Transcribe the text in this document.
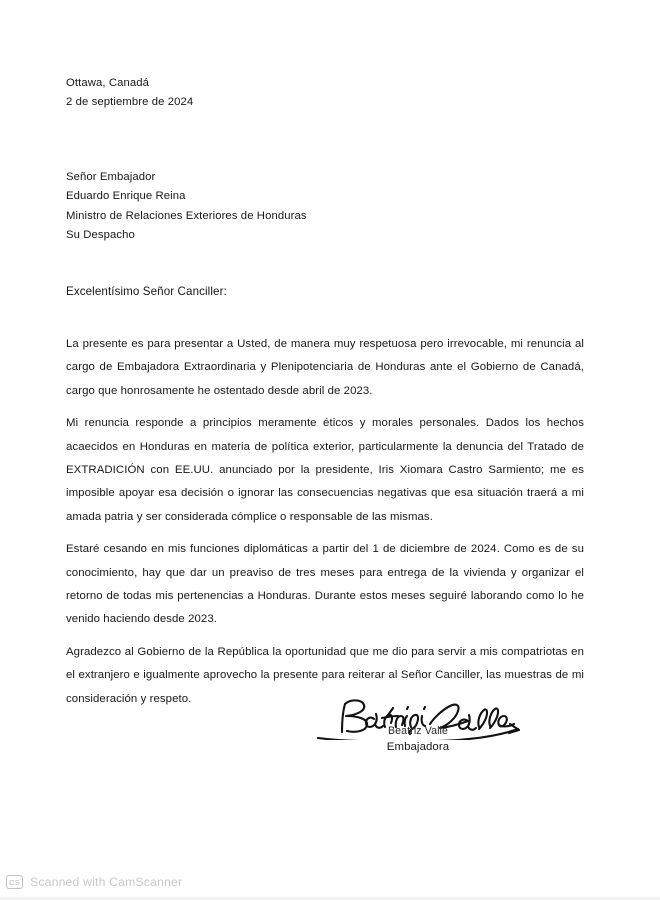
Ottawa, Canadá
2 de septiembre de 2024
Señor Embajador
Eduardo Enrique Reina
Ministro de Relaciones Exteriores de Honduras
Su Despacho
Excelentísimo Señor Canciller:

La presente es para presentar a Usted, de manera muy respetuosa pero irrevocable, mi renuncia al cargo de Embajadora Extraordinaria y Plenipotenciaria de Honduras ante el Gobierno de Canadá, cargo que honrosamente he ostentado desde abril de 2023.

Mi renuncia responde a principios meramente éticos y morales personales. Dados los hechos acaecidos en Honduras en materia de política exterior, particularmente la denuncia del Tratado de EXTRADICIÓN con EE.UU. anunciado por la presidente, Iris Xiomara Castro Sarmiento; me es imposible apoyar esa decisión o ignorar las consecuencias negativas que esa situación traerá a mi amada patria y ser considerada cómplice o responsable de las mismas.

Estaré cesando en mis funciones diplomáticas a partir del 1 de diciembre de 2024. Como es de su conocimiento, hay que dar un preaviso de tres meses para entrega de la vivienda y organizar el retorno de todas mis pertenencias a Honduras. Durante estos meses seguiré laborando como lo he venido haciendo desde 2023.

Agradezco al Gobierno de la República la oportunidad que me dio para servir a mis compatriotas en el extranjero e igualmente aprovecho la presente para reiterar al Señor Canciller, las muestras de mi consideración y respeto.

Beatriz Valle
Embajadora
CS Scanned with CamScanner
